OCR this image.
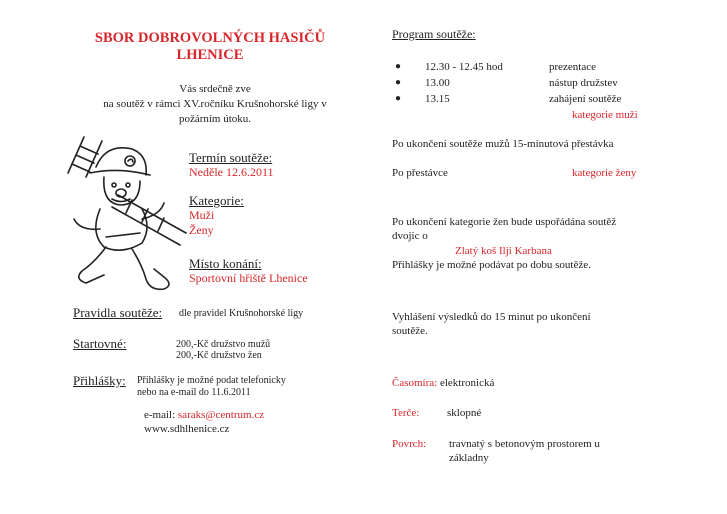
SBOR DOBROVOLNÝCH HASIČŮ
LHENICE
Vás srdečně zve
na soutěž v rámci XV.ročníku Krušnohorské ligy v
požárním útoku.
Termín soutěže:
Neděle 12.6.2011
Kategorie:
Muži
Ženy
Místo konání:
Sportovní hřiště Lhenice
Pravidla soutěže: dle pravidel Krušnohorské ligy
Startovné:	200,-Kč družstvo mužů
200,-Kč družstvo žen
Přihlášky: Přihlášky je možné podat telefonicky
nebo na e-mail do 11.6.2011
e-mail: saraks@centrum.cz
www.sdhlhenice.cz
Program soutěže:
● 12.30 - 12.45 hod	prezentace
● 13.00	nástup družstev
● 13.15	zahájení soutěže
kategorie muži
Po ukončení soutěže mužů 15-minutová přestávka
Po přestávce	kategorie ženy
Po ukončení kategorie žen bude uspořádána soutěž
dvojic o
Zlatý koš Ilji Karbana
Přihlášky je možné podávat po dobu soutěže.
Vyhlášení výsledků do 15 minut po ukončení
soutěže.
Časomíra: elektronická
Terče:	sklopné
Povrch: travnatý s betonovým prostorem u
základny
